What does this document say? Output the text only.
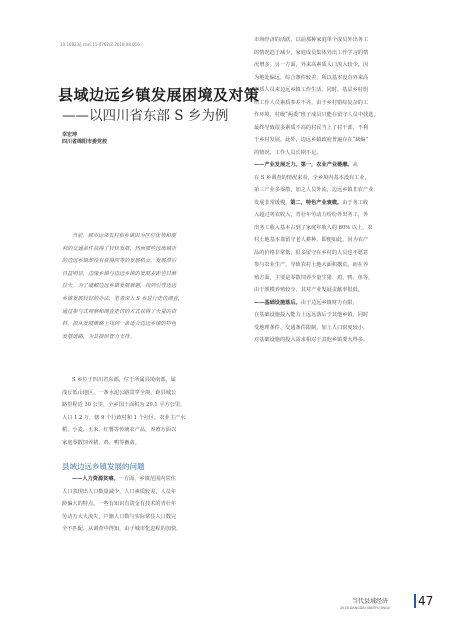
10.16823/j.cnki.11-4762/Z.2018.08.016
县域边远乡镇发展困境及对策
——以四川省东部 S 乡为例
幸宏坤
四川省绵阳市委党校
当前，城市运邻农村和乡镇因为区位优势和便
利的交通条件获得了较快发展，然而那些远离城市
的边远乡镇却没有获得同等的发展机会，发展滞后
日益明显，边缘乡镇与边远乡镇的发展差距也日渐
拉大。为了破解边远乡镇发展难题，找到引导边远
乡镇发展较好的办法，笔者深入 S 乡进行走访调查，
通过参与式观察和调查走访的方式获得了大量的资
料，拟从发展策略上找到一条适合边远乡镇的特色
发展道路，为其提供智力支持。
S 乡位于四川省东部，位于所属县境南部，属
浅丘低山地区，一条水泥公路贯穿全境，距县城公
路里程近 30 公里，全乡国土面积为 29.1 平方公里，
人口 1.2 万，辖 9 个行政村和 1 个社区。农业主产水
稻、小麦、玉米、红薯等传统农产品，养殖方面以
家庭零散饲养猪、鸡、鸭等畜禽。
县域边远乡镇发展的问题
——人力资源贫瘠。一方面，乡镇范围内常住
人口表现出人口数量减少，人口素质较差，人员年
龄偏大的特点。一些有知识有资金有技术的青壮年
劳动力大大流失，户籍人口数与实际常住人口数完
全不匹配。从调查中得知，由于城市化进程的加快，
市场经济的活跃，以前那种家庭单个成员外出务工
的情况趋于减少，家庭成员集体外出工作学习的情
况增多。另一方面，外来高素质人口流入较少。因
为地处偏远，综合条件较差，所以基本没有外来高
素质人员来边远乡镇工作生活。同时，基层乡村组
织工作人员素质参差不齐。由于乡村错综复杂的工
作环境，村级“两委”班子成员只能在留守人员中找选，
最终导致很多素质不高的村民当上了村干部，不利
于乡村发展。此外，边远乡镇政府普遍存在“缺编”
的情况，工作人员长期不足。
——产业发展乏力。第一，农业产业萎靡。从
在 S 乡调查的情况来看，全乡境内基本没有工业，
第三产业多零散，加之人员外流，边远乡镇非农产业
发展非常缓慢。第二，特色产业衰微。由于务工收
入超过务农收入，青壮年劳动力纷纷外出务工，外
出务工收入基本占到了家庭年收入的 80% 以上，农
村土地基本靠留守老人耕种，即便如此，因为农产
品的价格非常低，很多留守在乡村的人员也不愿意
参与农业生产，导致农村土地大面积撂荒。而在养
殖方面，主要是零散饲养少量生猪、鸡、鸭、鱼等，
由于规模养殖较少，其对产业发展贡献率很低。
——基础设施落后。由于边远乡镇财力有限，
在基础设施投入能力上远远落后于其他乡镇，同时
受地理条件、交通条件限制，加上人口密度较小，
对基础设施的投入需求相对于其他乡镇要大得多。
当代县域经济
2018.DANGDAI XIANYU JINGJI 47
